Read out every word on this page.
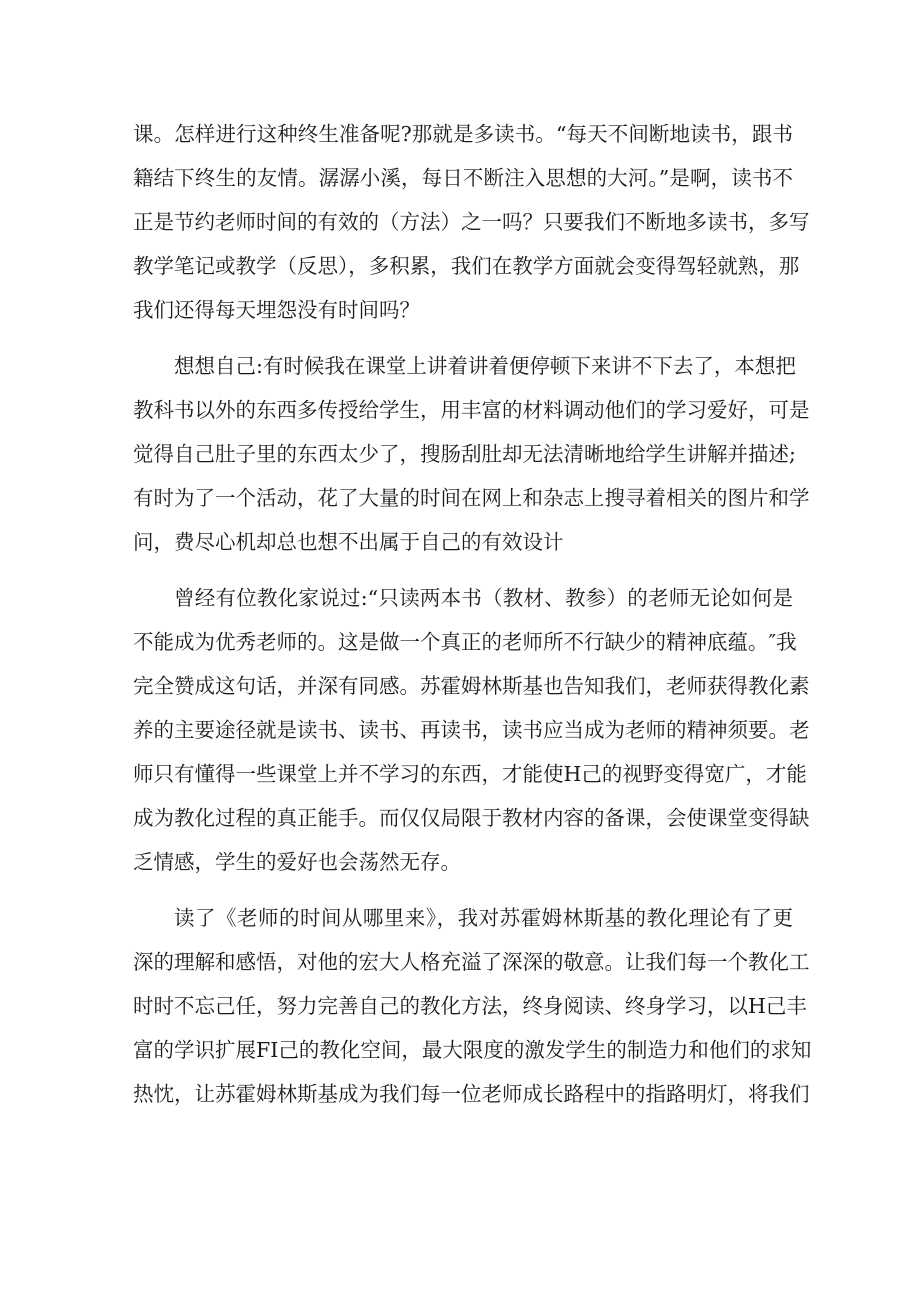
课。怎样进行这种终生准备呢?那就是多读书。“每天不间断地读书，跟书
籍结下终生的友情。潺潺小溪，每日不断注入思想的大河。”是啊，读书不
正是节约老师时间的有效的（方法）之一吗？只要我们不断地多读书，多写
教学笔记或教学（反思），多积累，我们在教学方面就会变得驾轻就熟，那
我们还得每天埋怨没有时间吗？

想想自己:有时候我在课堂上讲着讲着便停顿下来讲不下去了，本想把
教科书以外的东西多传授给学生，用丰富的材料调动他们的学习爱好，可是
觉得自己肚子里的东西太少了，搜肠刮肚却无法清晰地给学生讲解并描述;
有时为了一个活动，花了大量的时间在网上和杂志上搜寻着相关的图片和学
问，费尽心机却总也想不出属于自己的有效设计

曾经有位教化家说过:“只读两本书（教材、教参）的老师无论如何是
不能成为优秀老师的。这是做一个真正的老师所不行缺少的精神底蕴。″我
完全赞成这句话，并深有同感。苏霍姆林斯基也告知我们，老师获得教化素
养的主要途径就是读书、读书、再读书，读书应当成为老师的精神须要。老
师只有懂得一些课堂上并不学习的东西，才能使H己的视野变得宽广，才能
成为教化过程的真正能手。而仅仅局限于教材内容的备课，会使课堂变得缺
乏情感，学生的爱好也会荡然无存。

读了《老师的时间从哪里来》，我对苏霍姆林斯基的教化理论有了更
深的理解和感悟，对他的宏大人格充溢了深深的敬意。让我们每一个教化工
时时不忘己任，努力完善自己的教化方法，终身阅读、终身学习，以H己丰
富的学识扩展FI己的教化空间，最大限度的激发学生的制造力和他们的求知
热忱，让苏霍姆林斯基成为我们每一位老师成长路程中的指路明灯，将我们
